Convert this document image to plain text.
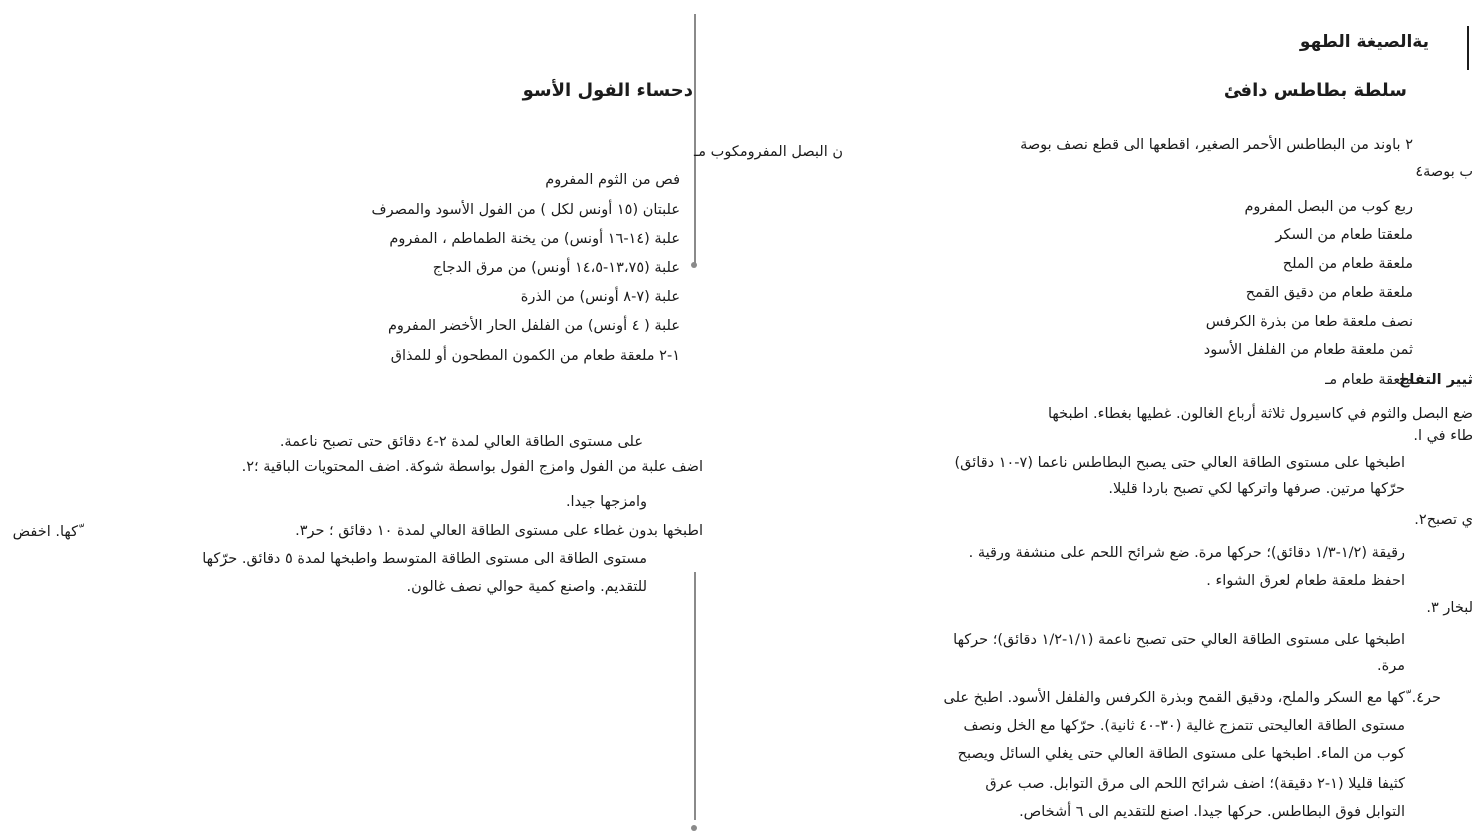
يةالصيغة الطهو
سلطة بطاطس دافئ
٢ باوند من البطاطس الأحمر الصغير، اقطعها الى قطع نصف بوصة
ب بوصة٤
ربع كوب من البصل المفروم
ملعقتا طعام من السكر
ملعقة طعام من الملح
ملعقة طعام من دقيق القمح
نصف ملعقة طعا من بذرة الكرفس
ثمن ملعقة طعام من الفلفل الأسود
ملعقة طعام مـ
ثيير التفاح
ضع البصل والثوم في كاسيرول ثلاثة أرباع الغالون. غطيها بغطاء. اطبخها
طاء في ا.
اطبخها على مستوى الطاقة العالي حتى يصبح البطاطس ناعما (٧-١٠ دقائق)
اضف علبة من الفول وامزج الفول بواسطة شوكة. اضف المحتويات الباقية ؛٢.
حرّكها مرتين. صرفها واتركها لكي تصبح باردا قليلا.
اطبخها بدون غطاء على مستوى الطاقة العالي لمدة ١٠ دقائق ؛ حر٣.
ي تصبح٢.
رقيقة (١/٢-١/٣ دقائق)؛ حركها مرة. ضع شرائح اللحم على منشفة ورقية .
احفظ ملعقة طعام لعرق الشواء .
لبخار ٣.
اطبخها على مستوى الطاقة العالي حتى تصبح ناعمة (١/١-١/٢ دقائق)؛ حركها
مرة.
حر٤.
ّكها مع السكر والملح، ودقيق القمح وبذرة الكرفس والفلفل الأسود. اطبخ على
مستوى الطاقة العاليحتى تتمزج غالية (٣٠-٤٠ ثانية). حرّكها مع الخل ونصف
كوب من الماء. اطبخها على مستوى الطاقة العالي حتى يغلي السائل ويصبح
كثيفا قليلا (١-٢ دقيقة)؛ اضف شرائح اللحم الى مرق التوابل. صب عرق
التوابل فوق البطاطس. حركها جيدا. اصنع للتقديم الى ٦ أشخاص.
دحساء الفول الأسو
ن البصل المفرومكوب مـ
فص من الثوم المفروم
علبتان (١٥ أونس لكل ) من الفول الأسود والمصرف
علبة (١٤-١٦ أونس) من يخنة الطماطم ، المفروم
علبة (١٣،٧٥-١٤،٥ أونس) من مرق الدجاج
علبة (٧-٨ أونس) من الذرة
علبة ( ٤ أونس) من الفلفل الحار الأخضر المفروم
١-٢ ملعقة طعام من الكمون المطحون أو للمذاق
على مستوى الطاقة العالي لمدة ٢-٤ دقائق حتى تصبح ناعمة.
وامزجها جيدا.
ّكها. اخفض
مستوى الطاقة الى مستوى الطاقة المتوسط واطبخها لمدة ٥ دقائق. حرّكها
للتقديم. واصنع كمية حوالي نصف غالون.
